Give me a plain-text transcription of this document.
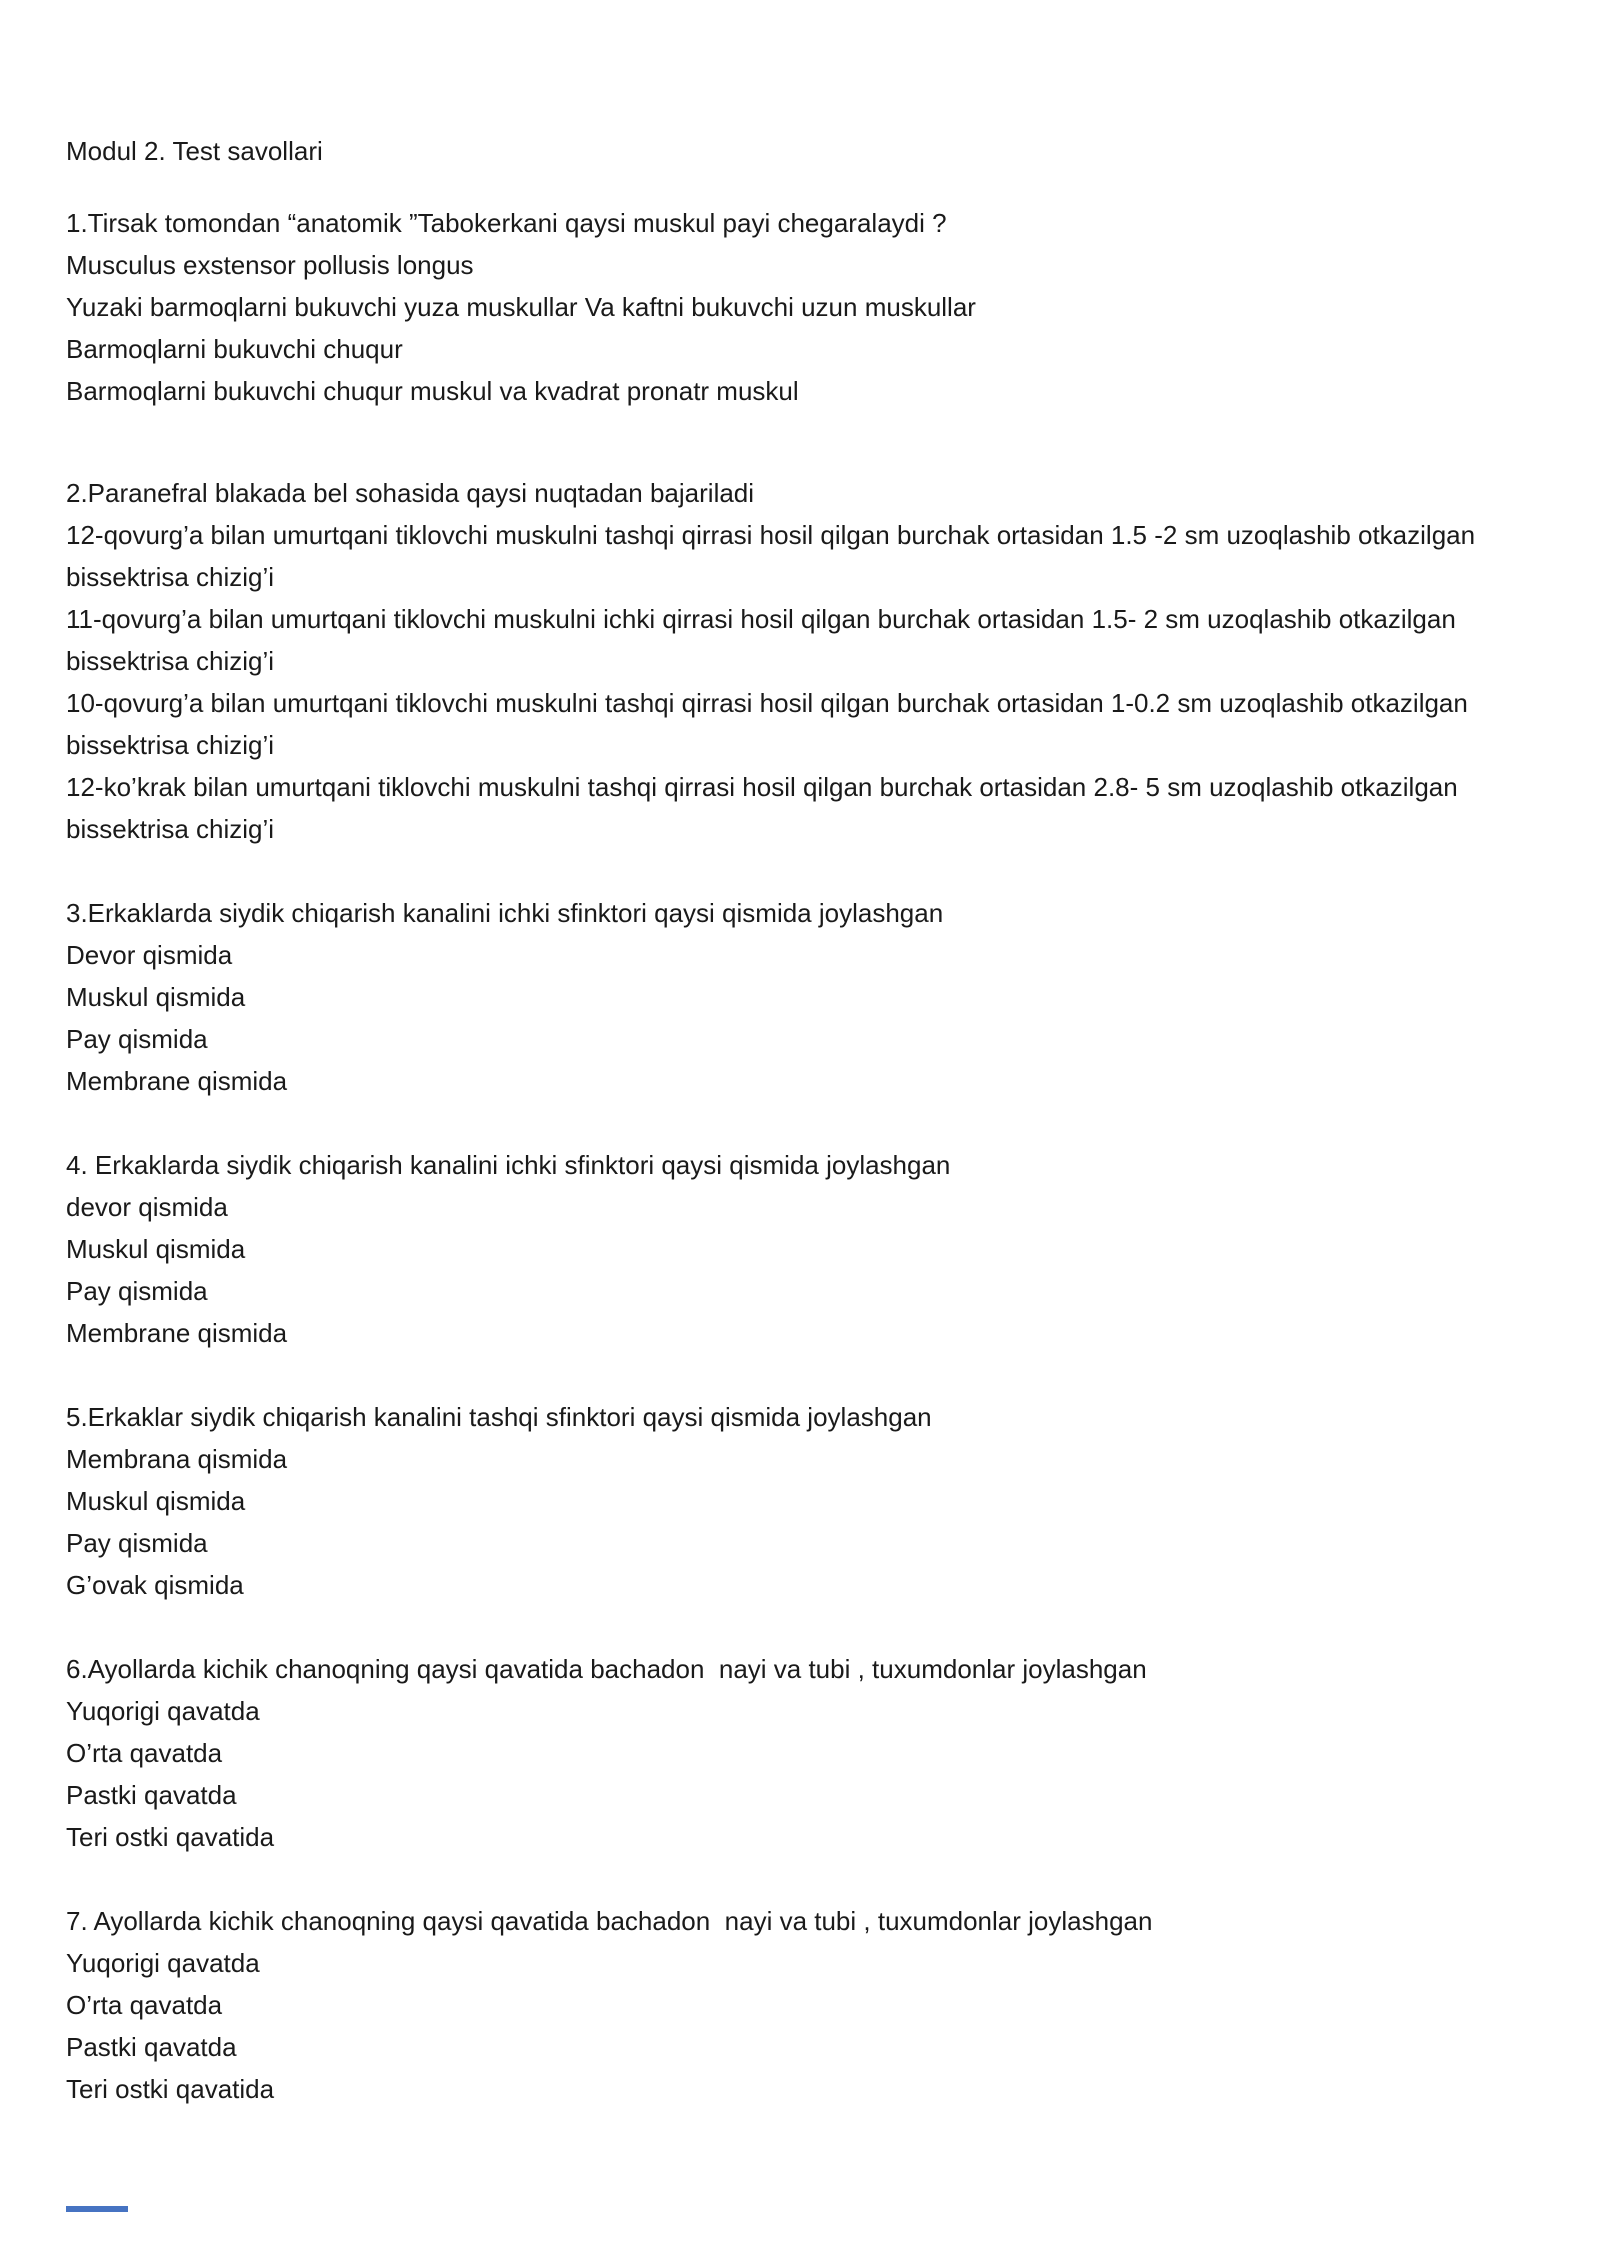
Modul 2. Test savollari

1.Tirsak tomondan “anatomik ”Tabokerkani qaysi muskul payi chegaralaydi ?

Musculus exstensor pollusis longus

Yuzaki barmoqlarni bukuvchi yuza muskullar Va kaftni bukuvchi uzun muskullar

Barmoqlarni bukuvchi chuqur

Barmoqlarni bukuvchi chuqur muskul va kvadrat pronatr muskul

2.Paranefral blakada bel sohasida qaysi nuqtadan bajariladi

12-qovurg’a bilan umurtqani tiklovchi muskulni tashqi qirrasi hosil qilgan burchak ortasidan 1.5 -2 sm uzoqlashib otkazilgan bissektrisa chizig’i

11-qovurg’a bilan umurtqani tiklovchi muskulni ichki qirrasi hosil qilgan burchak ortasidan 1.5- 2 sm uzoqlashib otkazilgan bissektrisa chizig’i

10-qovurg’a bilan umurtqani tiklovchi muskulni tashqi qirrasi hosil qilgan burchak ortasidan 1-0.2 sm uzoqlashib otkazilgan bissektrisa chizig’i

12-ko’krak bilan umurtqani tiklovchi muskulni tashqi qirrasi hosil qilgan burchak ortasidan 2.8- 5 sm uzoqlashib otkazilgan bissektrisa chizig’i

3.Erkaklarda siydik chiqarish kanalini ichki sfinktori qaysi qismida joylashgan

Devor qismida

Muskul qismida

Pay qismida

Membrane qismida

4. Erkaklarda siydik chiqarish kanalini ichki sfinktori qaysi qismida joylashgan

devor qismida

Muskul qismida

Pay qismida

Membrane qismida

5.Erkaklar siydik chiqarish kanalini tashqi sfinktori qaysi qismida joylashgan

Membrana qismida

Muskul qismida

Pay qismida

G’ovak qismida

6.Ayollarda kichik chanoqning qaysi qavatida bachadon  nayi va tubi , tuxumdonlar joylashgan

Yuqorigi qavatda

O’rta qavatda

Pastki qavatda

Teri ostki qavatida

7. Ayollarda kichik chanoqning qaysi qavatida bachadon  nayi va tubi , tuxumdonlar joylashgan

Yuqorigi qavatda

O’rta qavatda

Pastki qavatda

Teri ostki qavatida
